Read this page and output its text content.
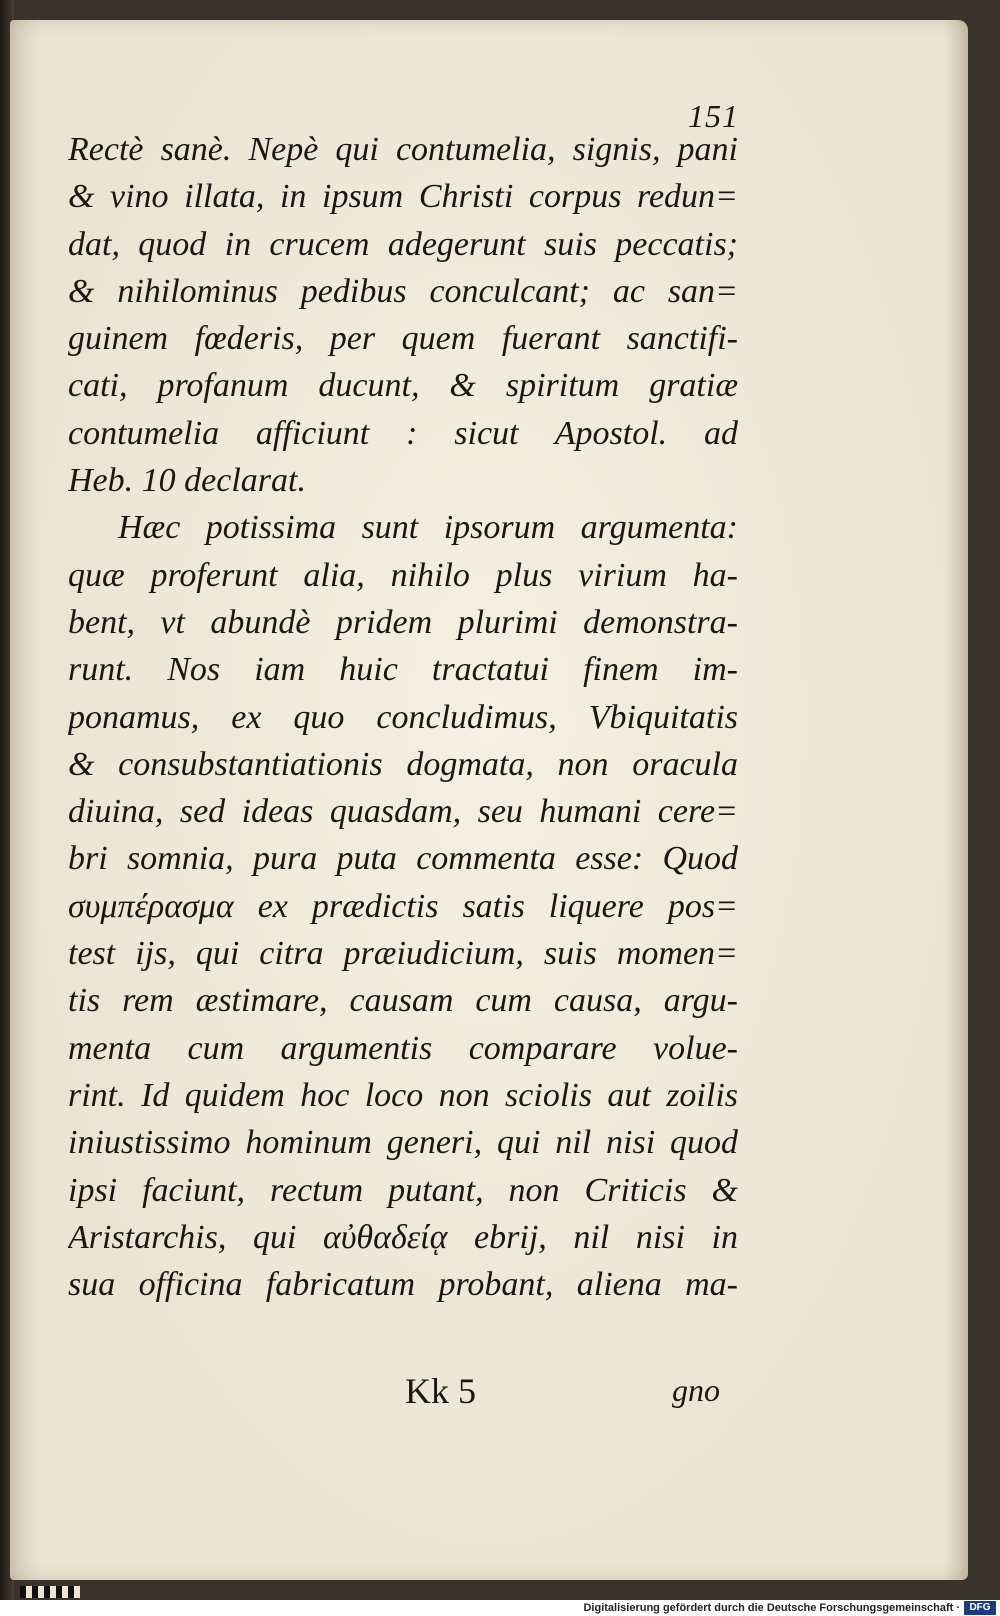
151
Rectè sanè. Nepè qui contumelia, signis, pani
& vino illata, in ipsum Christi corpus redun=
dat, quod in crucem adegerunt suis peccatis;
& nihilominus pedibus conculcant; ac san=
guinem fœderis, per quem fuerant sanctifi-
cati, profanum ducunt, & spiritum gratiæ
contumelia afficiunt : sicut Apostol. ad
Heb. 10 declarat.
Hæc potissima sunt ipsorum argumenta:
quæ proferunt alia, nihilo plus virium ha-
bent, vt abundè pridem plurimi demonstra-
runt. Nos iam huic tractatui finem im-
ponamus, ex quo concludimus, Vbiquitatis
& consubstantiationis dogmata, non oracula
diuina, sed ideas quasdam, seu humani cere=
bri somnia, pura puta commenta esse: Quod
συμπέρασμα ex prædictis satis liquere pos=
test ijs, qui citra præiudicium, suis momen=
tis rem æstimare, causam cum causa, argu-
menta cum argumentis comparare volue-
rint. Id quidem hoc loco non sciolis aut zoilis
iniustissimo hominum generi, qui nil nisi quod
ipsi faciunt, rectum putant, non Criticis &
Aristarchis, qui αὐθαδείᾳ ebrij, nil nisi in
sua officina fabricatum probant, aliena ma-
Kk 5	gno
Digitalisierung gefördert durch die Deutsche Forschungsgemeinschaft · DFG
